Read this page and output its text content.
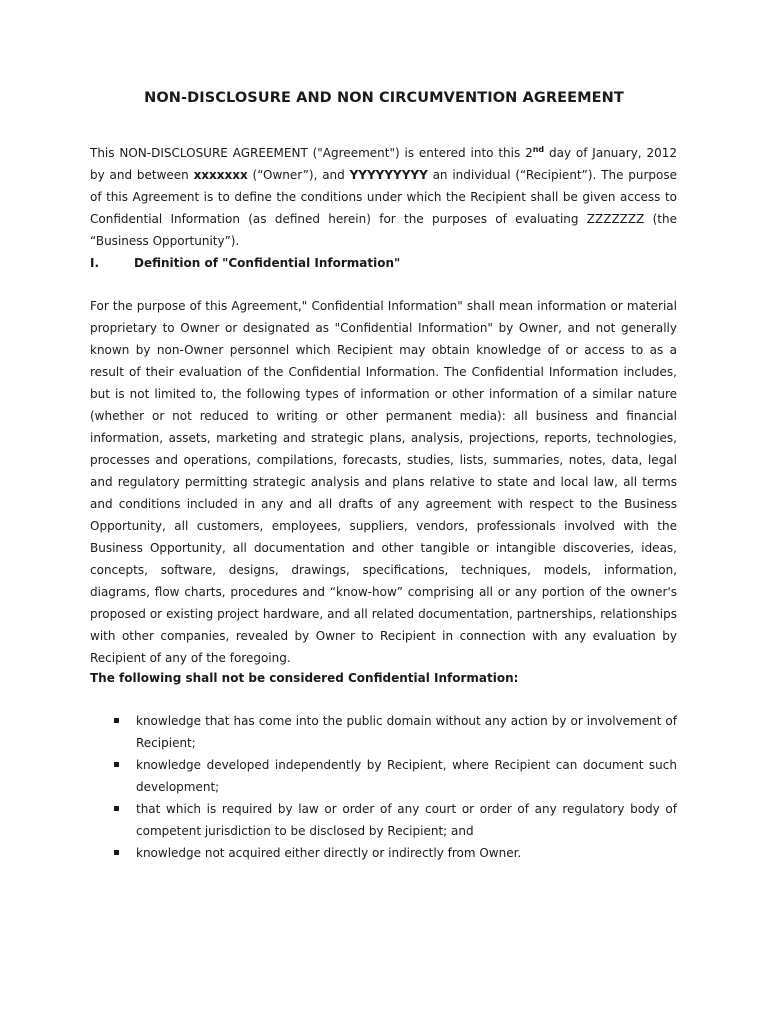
NON-DISCLOSURE AND NON CIRCUMVENTION AGREEMENT

This NON-DISCLOSURE AGREEMENT ("Agreement") is entered into this 2nd day of January, 2012 by and between xxxxxxx (“Owner”), and YYYYYYYYY an individual (“Recipient”). The purpose of this Agreement is to define the conditions under which the Recipient shall be given access to Confidential Information (as defined herein) for the purposes of evaluating ZZZZZZZ (the “Business Opportunity”).

I.	Definition of "Confidential Information"

For the purpose of this Agreement," Confidential Information" shall mean information or material proprietary to Owner or designated as "Confidential Information" by Owner, and not generally known by non-Owner personnel which Recipient may obtain knowledge of or access to as a result of their evaluation of the Confidential Information. The Confidential Information includes, but is not limited to, the following types of information or other information of a similar nature (whether or not reduced to writing or other permanent media): all business and financial information, assets, marketing and strategic plans, analysis, projections, reports, technologies, processes and operations, compilations, forecasts, studies, lists, summaries, notes, data, legal and regulatory permitting strategic analysis and plans relative to state and local law, all terms and conditions included in any and all drafts of any agreement with respect to the Business Opportunity, all customers, employees, suppliers, vendors, professionals involved with the Business Opportunity, all documentation and other tangible or intangible discoveries, ideas, concepts, software, designs, drawings, specifications, techniques, models, information, diagrams, flow charts, procedures and “know-how” comprising all or any portion of the owner's proposed or existing project hardware, and all related documentation, partnerships, relationships with other companies, revealed by Owner to Recipient in connection with any evaluation by Recipient of any of the foregoing.

The following shall not be considered Confidential Information:
knowledge that has come into the public domain without any action by or involvement of Recipient;
knowledge developed independently by Recipient, where Recipient can document such development;
that which is required by law or order of any court or order of any regulatory body of competent jurisdiction to be disclosed by Recipient; and
knowledge not acquired either directly or indirectly from Owner.
